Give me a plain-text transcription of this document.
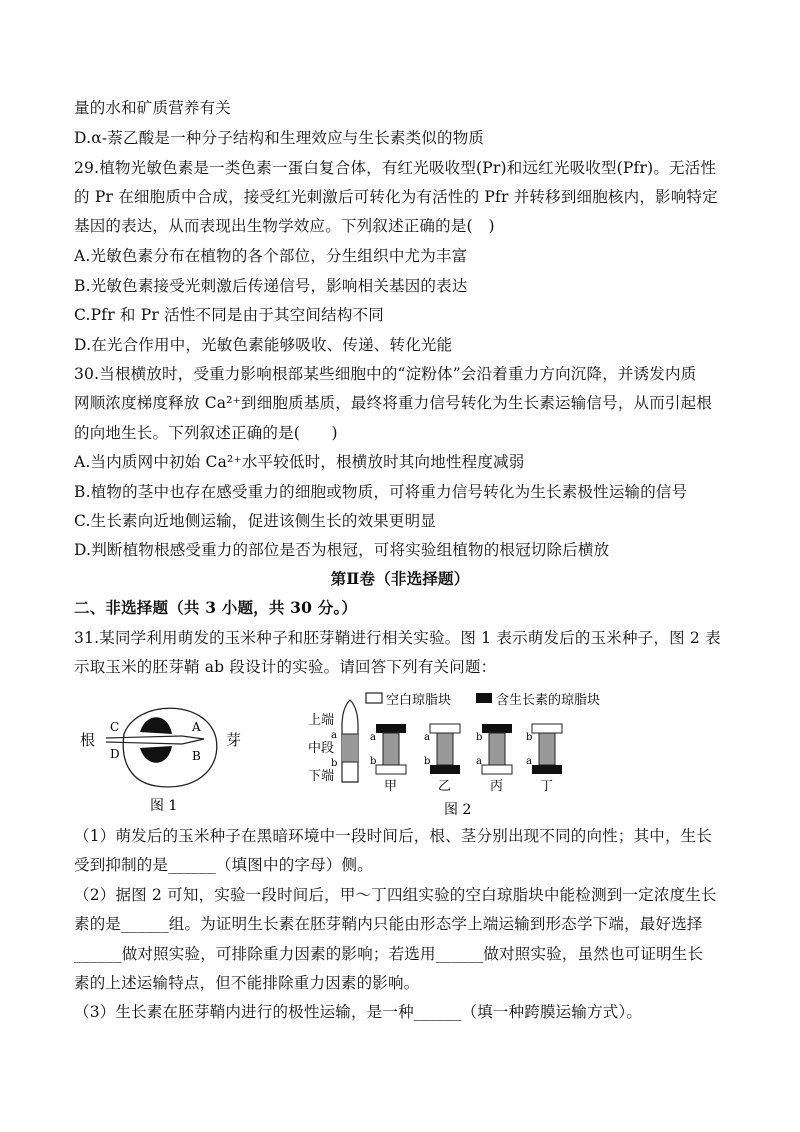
量的水和矿质营养有关
D.α-萘乙酸是一种分子结构和生理效应与生长素类似的物质
29.植物光敏色素是一类色素一蛋白复合体，有红光吸收型(Pr)和远红光吸收型(Pfr)。无活性
的 Pr 在细胞质中合成，接受红光刺激后可转化为有活性的 Pfr 并转移到细胞核内，影响特定
基因的表达，从而表现出生物学效应。下列叙述正确的是(　)
A.光敏色素分布在植物的各个部位，分生组织中尤为丰富
B.光敏色素接受光刺激后传递信号，影响相关基因的表达
C.Pfr 和 Pr 活性不同是由于其空间结构不同
D.在光合作用中，光敏色素能够吸收、传递、转化光能
30.当根横放时，受重力影响根部某些细胞中的“淀粉体”会沿着重力方向沉降，并诱发内质
网顺浓度梯度释放 Ca²⁺到细胞质基质，最终将重力信号转化为生长素运输信号，从而引起根
的向地生长。下列叙述正确的是(　　)
A.当内质网中初始 Ca²⁺水平较低时，根横放时其向地性程度减弱
B.植物的茎中也存在感受重力的细胞或物质，可将重力信号转化为生长素极性运输的信号
C.生长素向近地侧运输，促进该侧生长的效果更明显
D.判断植物根感受重力的部位是否为根冠，可将实验组植物的根冠切除后横放
第Ⅱ卷（非选择题）
二、非选择题（共 3 小题，共 30 分。）
31.某同学利用萌发的玉米种子和胚芽鞘进行相关实验。图 1 表示萌发后的玉米种子，图 2 表
示取玉米的胚芽鞘 ab 段设计的实验。请回答下列有关问题：
根	芽
C
D
A
B
图 1
空白琼脂块	含生长素的琼脂块
上端
a
中段
b
下端
a
b
甲
a
b
乙
b
a
丙
b
a
丁
图 2
（1）萌发后的玉米种子在黑暗环境中一段时间后，根、茎分别出现不同的向性；其中，生长
受到抑制的是______（填图中的字母）侧。
（2）据图 2 可知，实验一段时间后，甲～丁四组实验的空白琼脂块中能检测到一定浓度生长
素的是______组。为证明生长素在胚芽鞘内只能由形态学上端运输到形态学下端，最好选择
______做对照实验，可排除重力因素的影响；若选用______做对照实验，虽然也可证明生长
素的上述运输特点，但不能排除重力因素的影响。
（3）生长素在胚芽鞘内进行的极性运输，是一种______（填一种跨膜运输方式）。
